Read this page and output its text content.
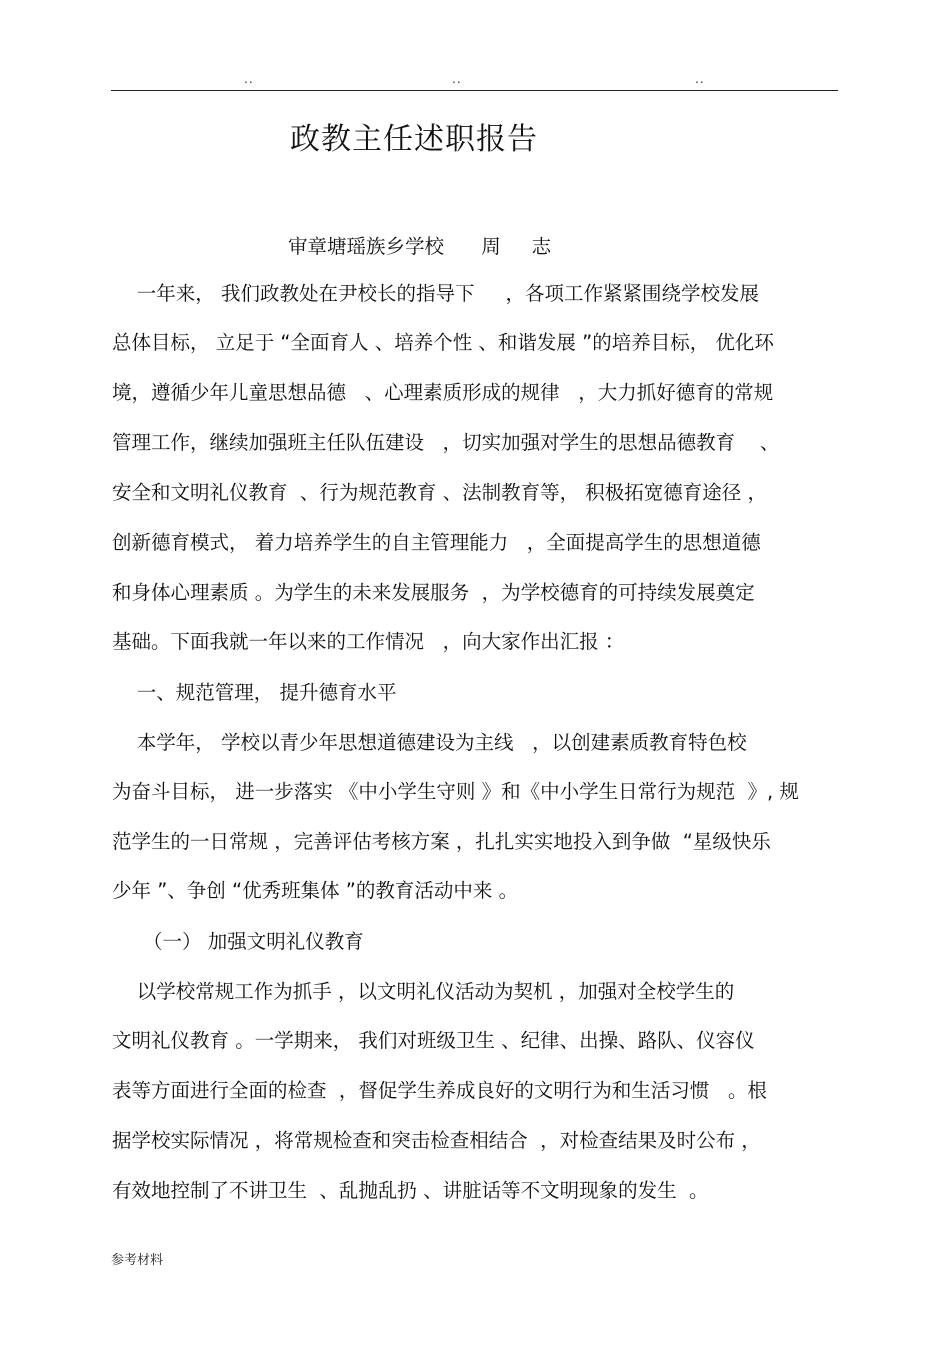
..	..	..
政教主任述职报告
审章塘瑶族乡学校      周     志
一年来， 我们政教处在尹校长的指导下     ，各项工作紧紧围绕学校发展
总体目标， 立足于 “全面育人 、培养个性 、和谐发展 ”的培养目标， 优化环
境，遵循少年儿童思想品德   、心理素质形成的规律   ，大力抓好德育的常规
管理工作，继续加强班主任队伍建设   ，切实加强对学生的思想品德教育    、
安全和文明礼仪教育  、行为规范教育 、法制教育等， 积极拓宽德育途径 ，
创新德育模式， 着力培养学生的自主管理能力   ，全面提高学生的思想道德
和身体心理素质 。为学生的未来发展服务  ，为学校德育的可持续发展奠定
基础。下面我就一年以来的工作情况   ，向大家作出汇报 ：
一、规范管理， 提升德育水平
本学年， 学校以青少年思想道德建设为主线   ，以创建素质教育特色校
为奋斗目标， 进一步落实 《中小学生守则 》和《中小学生日常行为规范  》, 规
范学生的一日常规 ，完善评估考核方案 ，扎扎实实地投入到争做  “星级快乐
少年 ”、争创 “优秀班集体 ”的教育活动中来 。
（一） 加强文明礼仪教育
以学校常规工作为抓手 ，以文明礼仪活动为契机 ，加强对全校学生的
文明礼仪教育 。一学期来， 我们对班级卫生 、纪律、出操、路队、仪容仪
表等方面进行全面的检查  ，督促学生养成良好的文明行为和生活习惯   。根
据学校实际情况 ，将常规检查和突击检查相结合  ，对检查结果及时公布 ，
有效地控制了不讲卫生  、乱抛乱扔 、讲脏话等不文明现象的发生  。
参考材料
